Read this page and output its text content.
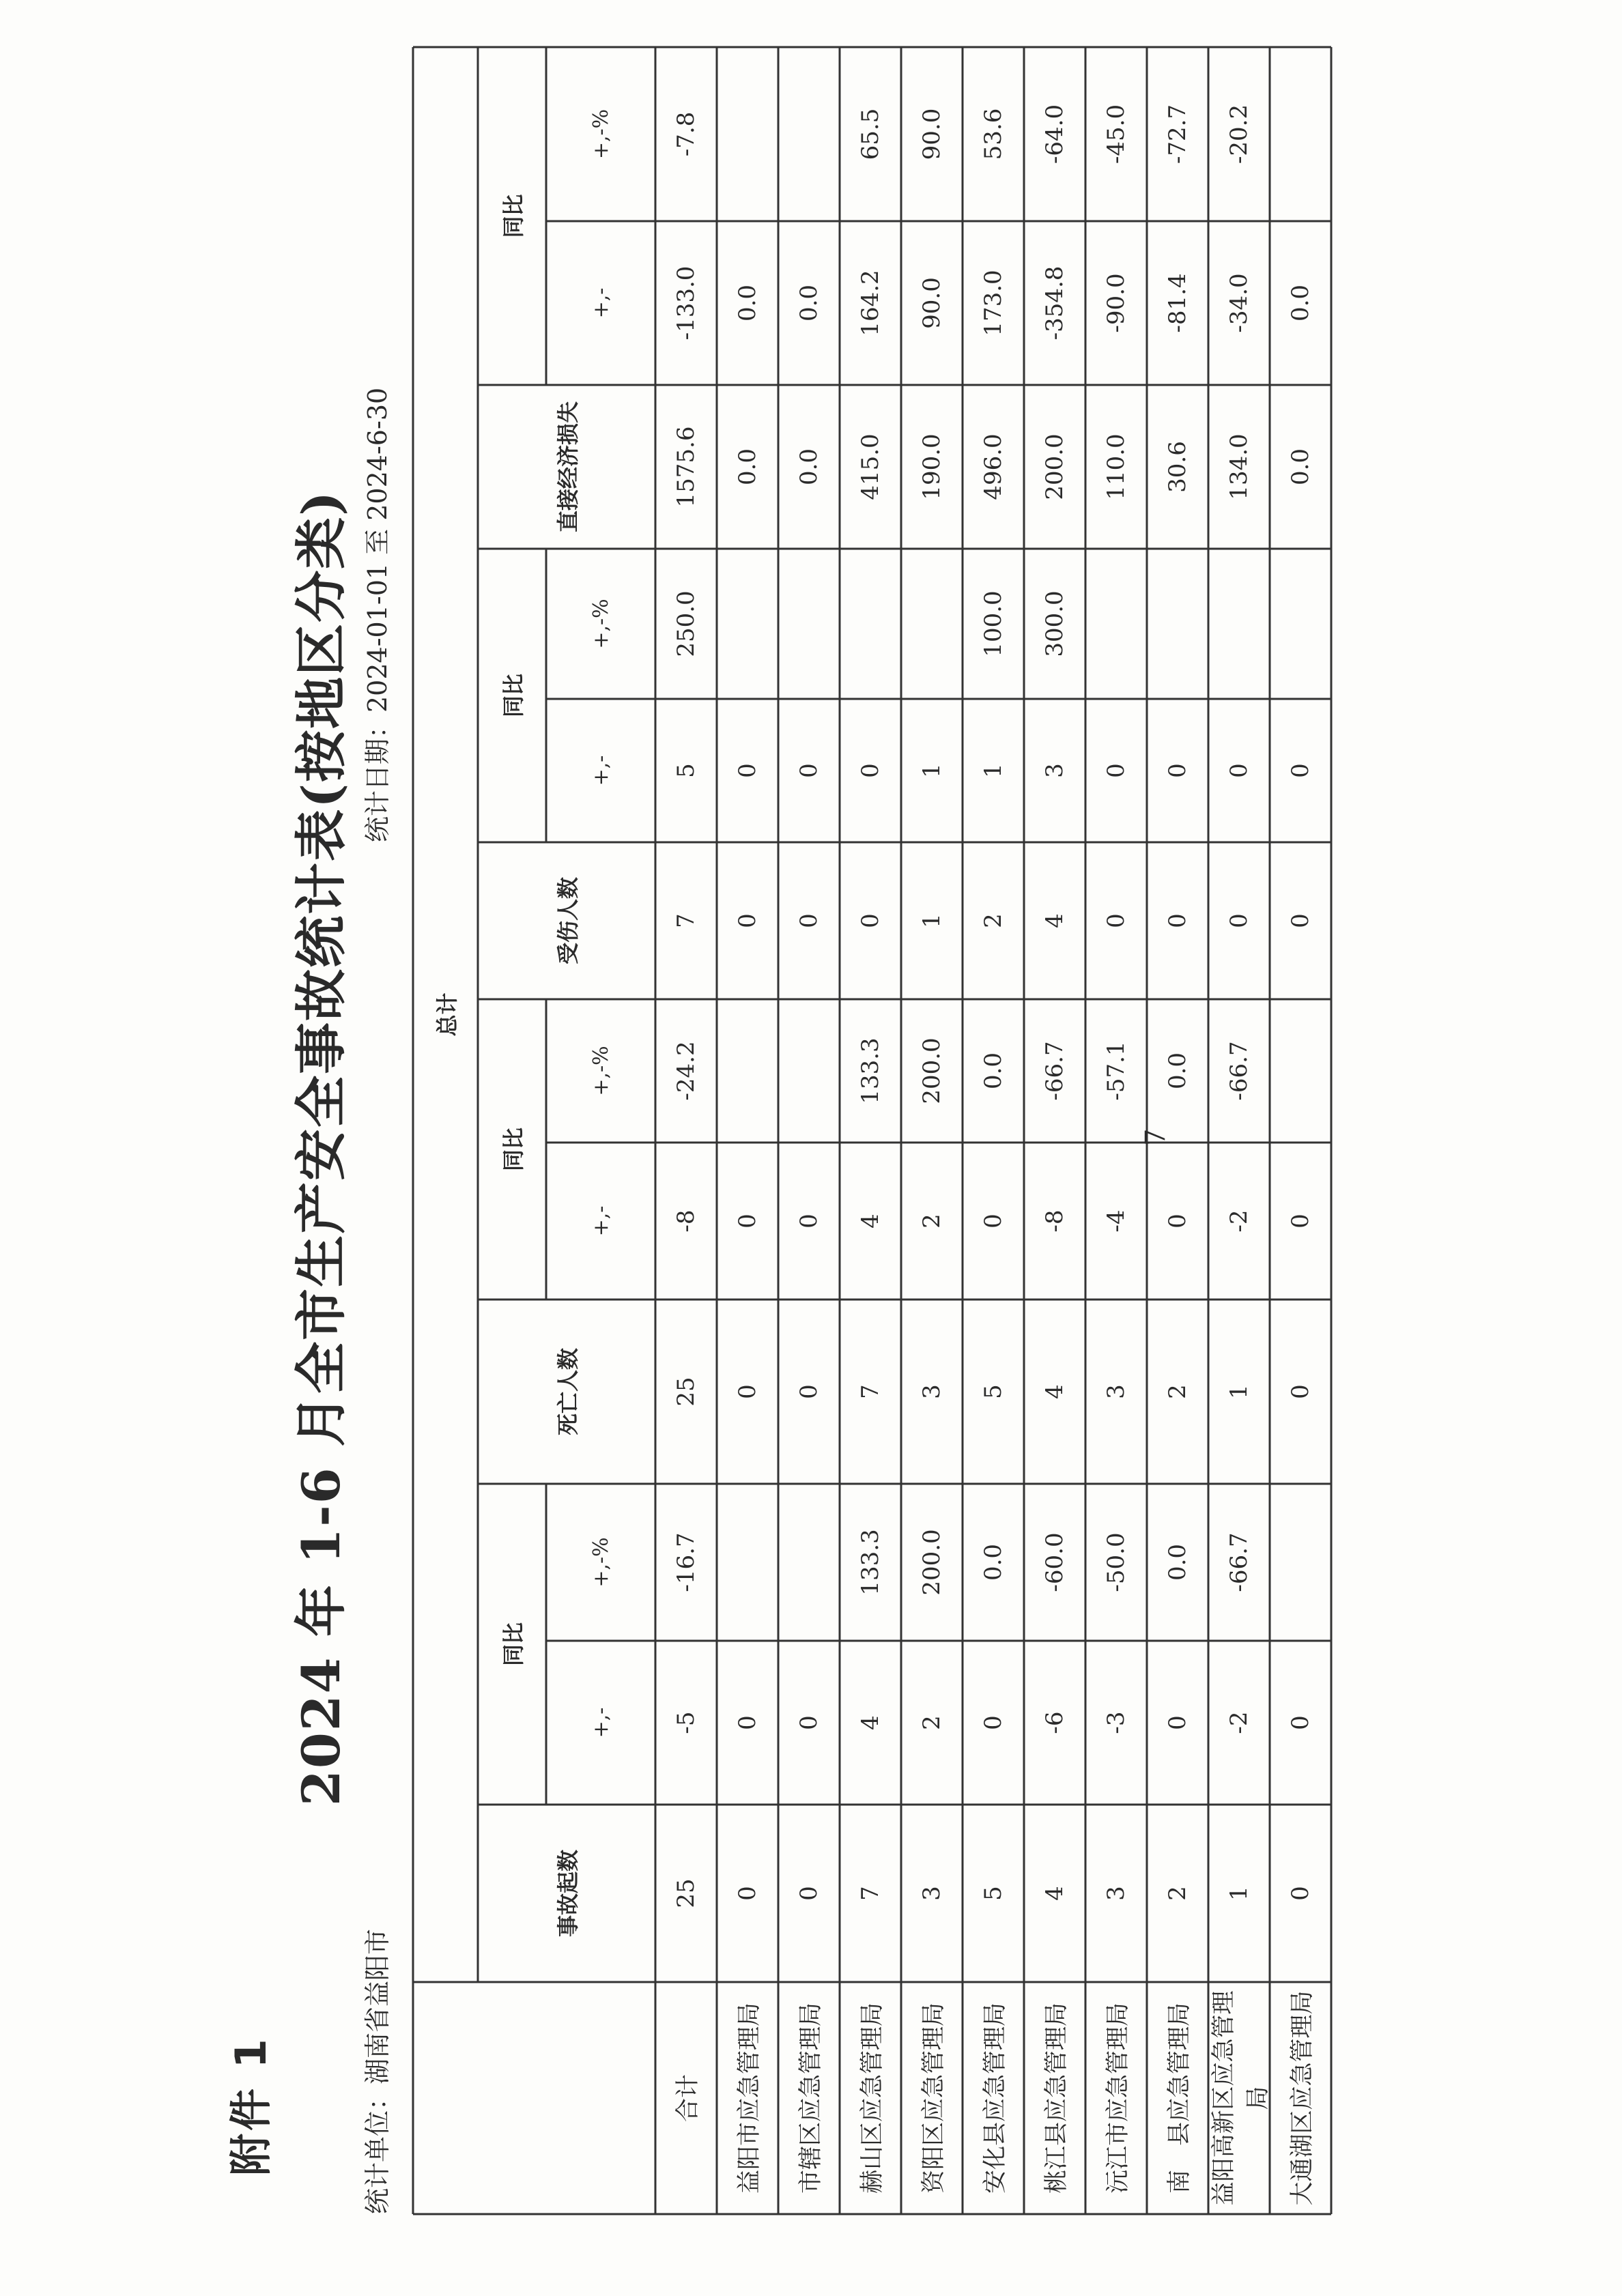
附件 1
2024 年 1-6 月全市生产安全事故统计表(按地区分类)
统计单位：湖南省益阳市
统计日期：2024-01-01 至 2024-6-30
总计
事故起数
同比
+,-
+,-%
死亡人数
同比
+,-
+,-%
受伤人数
同比
+,-
+,-%
直接经济损失
同比
+,-
+,-%
合计
25
-5
-16.7
25
-8
-24.2
7
5
250.0
1575.6
-133.0
-7.8
益阳市应急管理局
0
0
0
0
0
0
0.0
0.0
市辖区应急管理局
0
0
0
0
0
0
0.0
0.0
赫山区应急管理局
7
4
133.3
7
4
133.3
0
0
415.0
164.2
65.5
资阳区应急管理局
3
2
200.0
3
2
200.0
1
1
190.0
90.0
90.0
安化县应急管理局
5
0
0.0
5
0
0.0
2
1
100.0
496.0
173.0
53.6
桃江县应急管理局
4
-6
-60.0
4
-8
-66.7
4
3
300.0
200.0
-354.8
-64.0
沅江市应急管理局
3
-3
-50.0
3
-4
-57.1
0
0
110.0
-90.0
-45.0
南　县应急管理局
2
0
0.0
2
0
0.0
0
0
30.6
-81.4
-72.7
益阳高新区应急管理局
1
-2
-66.7
1
-2
-66.7
0
0
134.0
-34.0
-20.2
大通湖区应急管理局
0
0
0
0
0
0
0.0
0.0
7
